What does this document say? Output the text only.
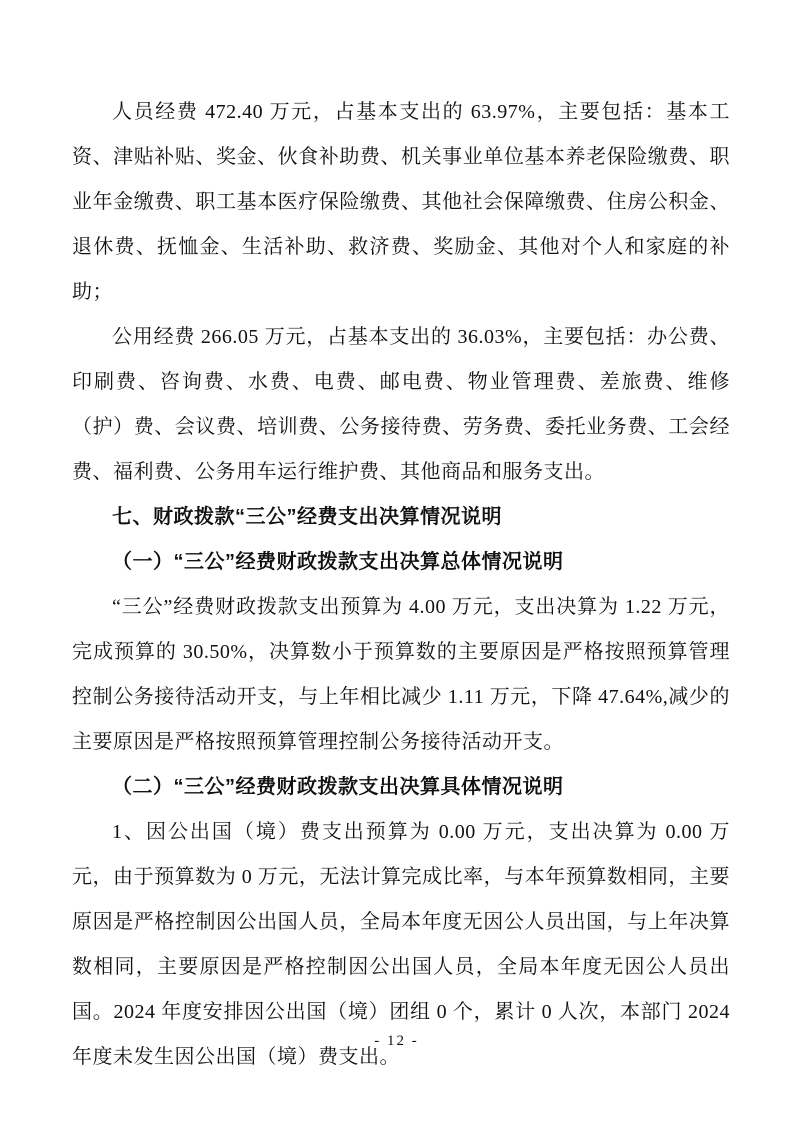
人员经费 472.40 万元，占基本支出的 63.97%，主要包括：基本工资、津贴补贴、奖金、伙食补助费、机关事业单位基本养老保险缴费、职业年金缴费、职工基本医疗保险缴费、其他社会保障缴费、住房公积金、退休费、抚恤金、生活补助、救济费、奖励金、其他对个人和家庭的补助；

公用经费 266.05 万元，占基本支出的 36.03%，主要包括：办公费、印刷费、咨询费、水费、电费、邮电费、物业管理费、差旅费、维修（护）费、会议费、培训费、公务接待费、劳务费、委托业务费、工会经费、福利费、公务用车运行维护费、其他商品和服务支出。

七、财政拨款“三公”经费支出决算情况说明

（一）“三公”经费财政拨款支出决算总体情况说明

“三公”经费财政拨款支出预算为 4.00 万元，支出决算为 1.22 万元，完成预算的 30.50%，决算数小于预算数的主要原因是严格按照预算管理控制公务接待活动开支，与上年相比减少 1.11 万元，下降 47.64%,减少的主要原因是严格按照预算管理控制公务接待活动开支。

（二）“三公”经费财政拨款支出决算具体情况说明

1、因公出国（境）费支出预算为 0.00 万元，支出决算为 0.00 万元，由于预算数为 0 万元，无法计算完成比率，与本年预算数相同，主要原因是严格控制因公出国人员，全局本年度无因公人员出国，与上年决算数相同，主要原因是严格控制因公出国人员，全局本年度无因公人员出国。2024 年度安排因公出国（境）团组 0 个，累计 0 人次，本部门 2024 年度未发生因公出国（境）费支出。

- 12 -
